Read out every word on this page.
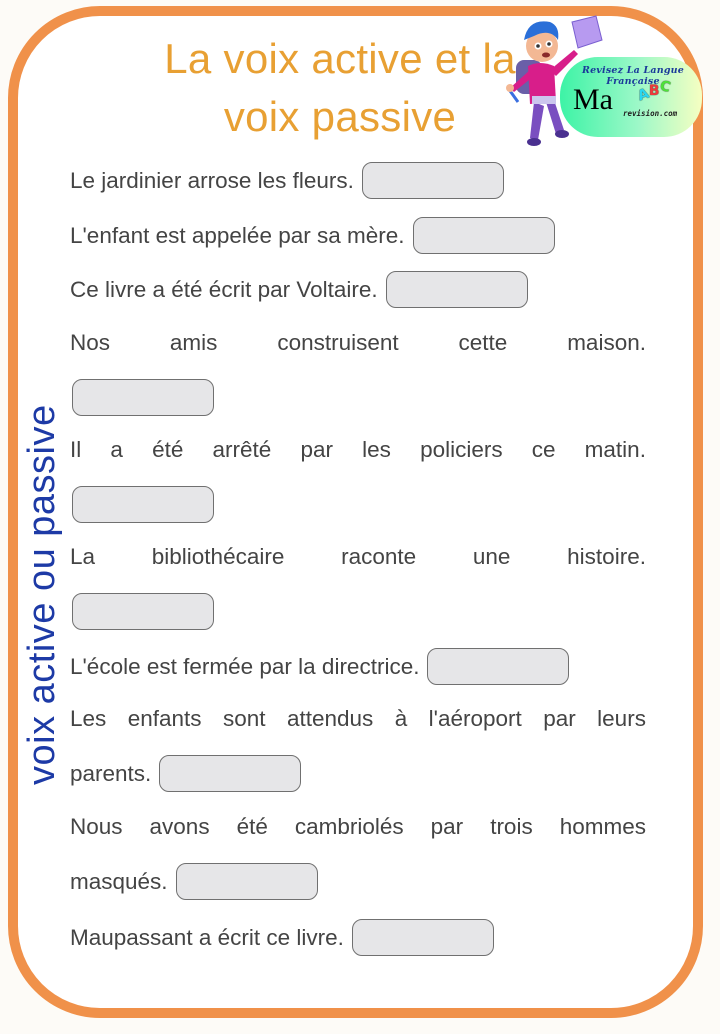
La voix active et la
voix passive
Revisez La Langue Française
Ma ABC
revision.com
voix active ou passive
Le jardinier arrose les fleurs.
L'enfant est appelée par sa mère.
Ce livre a été écrit par Voltaire.
Nos	amis	construisent	cette	maison.
Il a été arrêté par les policiers ce matin.
La	bibliothécaire	raconte	une	histoire.
L'école est fermée par la directrice.
Les enfants sont attendus à l'aéroport par leurs
parents.
Nous avons été cambriolés par trois hommes
masqués.
Maupassant a écrit ce livre.
